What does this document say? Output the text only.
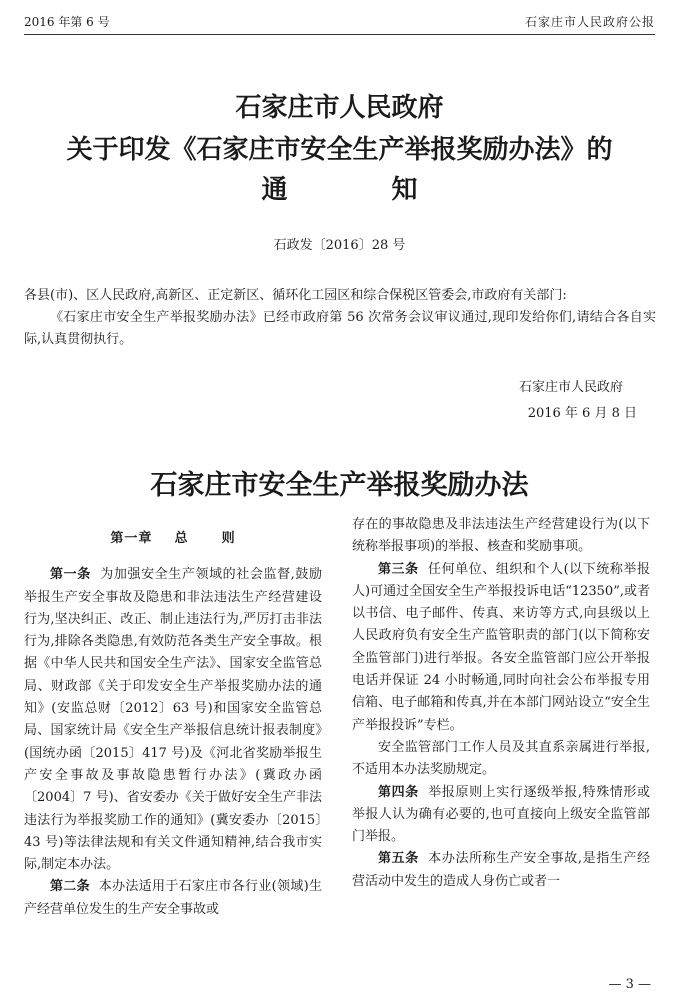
2016 年第 6 号	石家庄市人民政府公报
石家庄市人民政府
关于印发《石家庄市安全生产举报奖励办法》的
通	知
石政发〔2016〕28 号
各县(市)、区人民政府,高新区、正定新区、循环化工园区和综合保税区管委会,市政府有关部门:
《石家庄市安全生产举报奖励办法》已经市政府第 56 次常务会议审议通过,现印发给你们,请结合各自实际,认真贯彻执行。
石家庄市人民政府
2016 年 6 月 8 日
石家庄市安全生产举报奖励办法
第一章 总	则

第一条 为加强安全生产领域的社会监督,鼓励举报生产安全事故及隐患和非法违法生产经营建设行为,坚决纠正、改正、制止违法行为,严厉打击非法行为,排除各类隐患,有效防范各类生产安全事故。根据《中华人民共和国安全生产法》、国家安全监管总局、财政部《关于印发安全生产举报奖励办法的通知》(安监总财〔2012〕63 号)和国家安全监管总局、国家统计局《安全生产举报信息统计报表制度》(国统办函〔2015〕417 号)及《河北省奖励举报生产安全事故及事故隐患暂行办法》(冀政办函〔2004〕7 号)、省安委办《关于做好安全生产非法违法行为举报奖励工作的通知》(冀安委办〔2015〕43 号)等法律法规和有关文件通知精神,结合我市实际,制定本办法。

第二条 本办法适用于石家庄市各行业(领域)生产经营单位发生的生产安全事故或

存在的事故隐患及非法违法生产经营建设行为(以下统称举报事项)的举报、核查和奖励事项。

第三条 任何单位、组织和个人(以下统称举报人)可通过全国安全生产举报投诉电话“12350”,或者以书信、电子邮件、传真、来访等方式,向县级以上人民政府负有安全生产监管职责的部门(以下简称安全监管部门)进行举报。各安全监管部门应公开举报电话并保证 24 小时畅通,同时向社会公布举报专用信箱、电子邮箱和传真,并在本部门网站设立“安全生产举报投诉”专栏。

安全监管部门工作人员及其直系亲属进行举报,不适用本办法奖励规定。

第四条 举报原则上实行逐级举报,特殊情形或举报人认为确有必要的,也可直接向上级安全监管部门举报。

第五条 本办法所称生产安全事故,是指生产经营活动中发生的造成人身伤亡或者一

— 3 —
